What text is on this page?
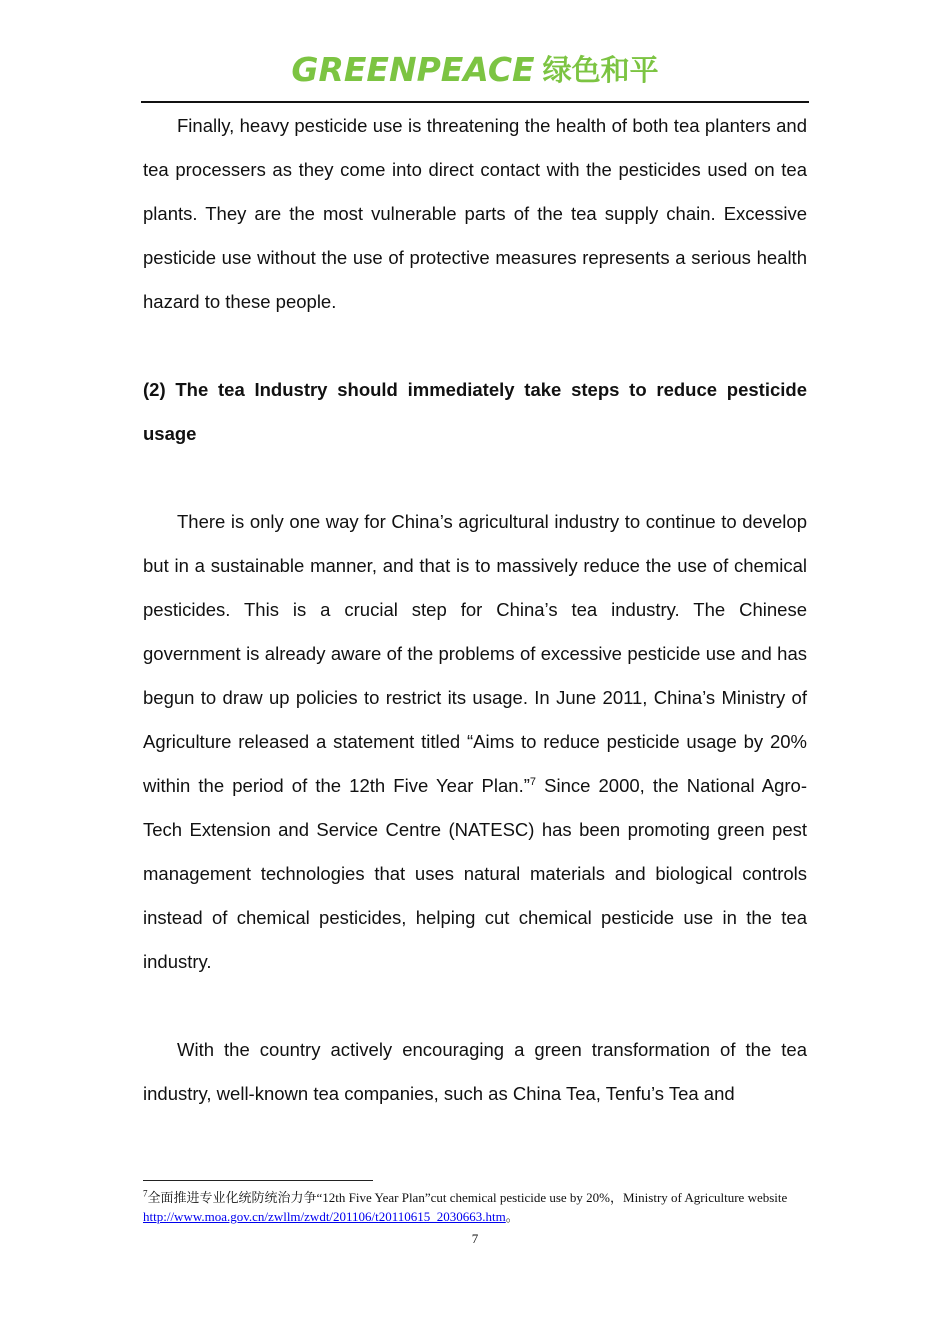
GREENPEACE 绿色和平

Finally, heavy pesticide use is threatening the health of both tea planters and tea processers as they come into direct contact with the pesticides used on tea plants. They are the most vulnerable parts of the tea supply chain. Excessive pesticide use without the use of protective measures represents a serious health hazard to these people.

(2) The tea Industry should immediately take steps to reduce pesticide usage

There is only one way for China’s agricultural industry to continue to develop but in a sustainable manner, and that is to massively reduce the use of chemical pesticides. This is a crucial step for China’s tea industry. The Chinese government is already aware of the problems of excessive pesticide use and has begun to draw up policies to restrict its usage. In June 2011, China’s Ministry of Agriculture released a statement titled “Aims to reduce pesticide usage by 20% within the period of the 12th Five Year Plan.”$^7$ Since 2000, the National Agro-Tech Extension and Service Centre (NATESC) has been promoting green pest management technologies that uses natural materials and biological controls instead of chemical pesticides, helping cut chemical pesticide use in the tea industry.

With the country actively encouraging a green transformation of the tea industry, well-known tea companies, such as China Tea, Tenfu’s Tea and

$^7$全面推进专业化统防统治力争“12th Five Year Plan”cut chemical pesticide use by 20%，Ministry of Agriculture website http://www.moa.gov.cn/zwllm/zwdt/201106/t20110615_2030663.htm。
7
